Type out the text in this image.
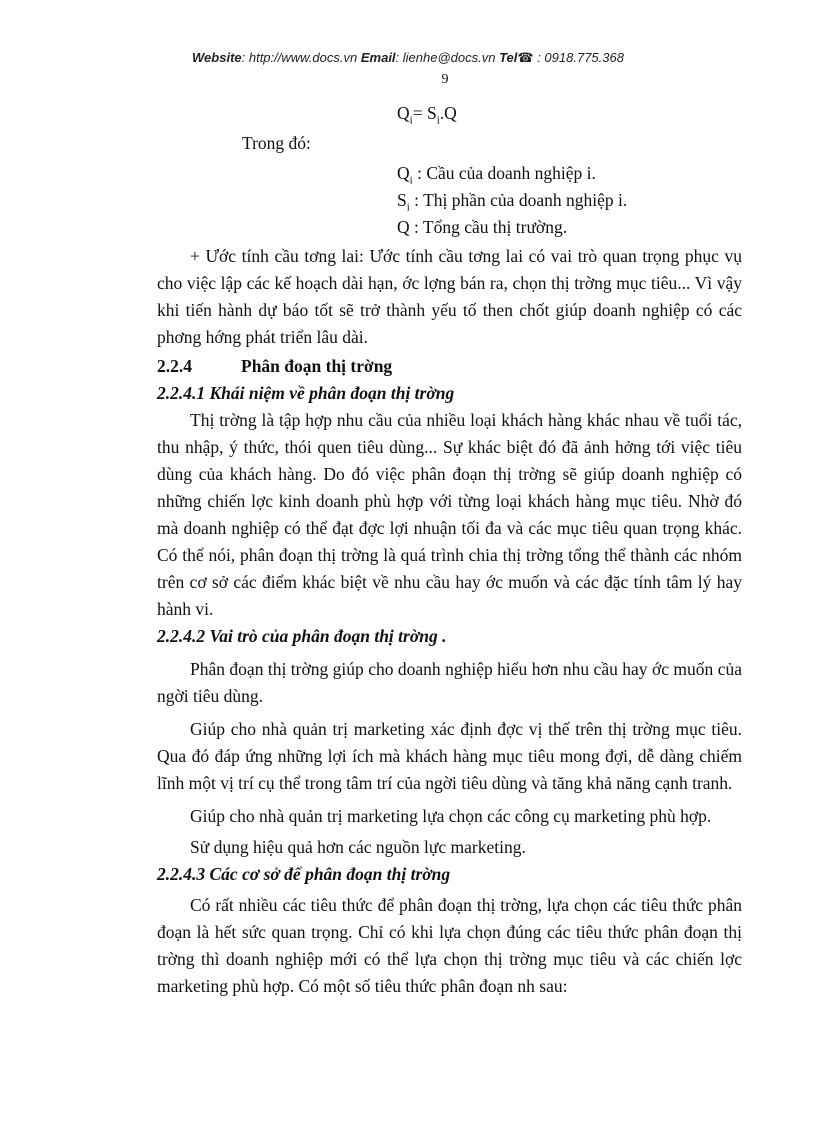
Website: http://www.docs.vn Email: lienhe@docs.vn Tel☎ : 0918.775.368
9
$Q_i= S_i.Q$
Trong đó:
$Q_i$ : Cầu của doanh nghiệp i.
$S_i$ : Thị phần của doanh nghiệp i.
Q : Tổng cầu thị trường.

+ Ước tính cầu tơng lai: Ước tính cầu tơng lai có vai trò quan trọng phục vụ cho việc lập các kế hoạch dài hạn, ớc lợng bán ra, chọn thị trờng mục tiêu... Vì vậy khi tiến hành dự báo tốt sẽ trở thành yếu tố then chốt giúp doanh nghiệp có các phơng hớng phát triển lâu dài.

2.2.4	Phân đoạn thị trờng
2.2.4.1 Khái niệm về phân đoạn thị trờng

Thị trờng là tập hợp nhu cầu của nhiều loại khách hàng khác nhau về tuổi tác, thu nhập, ý thức, thói quen tiêu dùng... Sự khác biệt đó đã ảnh hởng tới việc tiêu dùng của khách hàng. Do đó việc phân đoạn thị trờng sẽ giúp doanh nghiệp có những chiến lợc kinh doanh phù hợp với từng loại khách hàng mục tiêu. Nhờ đó mà doanh nghiệp có thể đạt đợc lợi nhuận tối đa và các mục tiêu quan trọng khác. Có thể nói, phân đoạn thị trờng là quá trình chia thị trờng tổng thể thành các nhóm trên cơ sở các điểm khác biệt về nhu cầu hay ớc muốn và các đặc tính tâm lý hay hành vi.

2.2.4.2 Vai trò của phân đoạn thị trờng .

Phân đoạn thị trờng giúp cho doanh nghiệp hiểu hơn nhu cầu hay ớc muốn của ngời tiêu dùng.

Giúp cho nhà quản trị marketing xác định đợc vị thế trên thị trờng mục tiêu. Qua đó đáp ứng những lợi ích mà khách hàng mục tiêu mong đợi, dễ dàng chiếm lĩnh một vị trí cụ thể trong tâm trí của ngời tiêu dùng và tăng khả năng cạnh tranh.

Giúp cho nhà quản trị marketing lựa chọn các công cụ marketing phù hợp.

Sử dụng hiệu quả hơn các nguồn lực marketing.

2.2.4.3 Các cơ sở để phân đoạn thị trờng

Có rất nhiều các tiêu thức để phân đoạn thị trờng, lựa chọn các tiêu thức phân đoạn là hết sức quan trọng. Chỉ có khi lựa chọn đúng các tiêu thức phân đoạn thị trờng thì doanh nghiệp mới có thể lựa chọn thị trờng mục tiêu và các chiến lợc marketing phù hợp. Có một số tiêu thức phân đoạn nh sau:
